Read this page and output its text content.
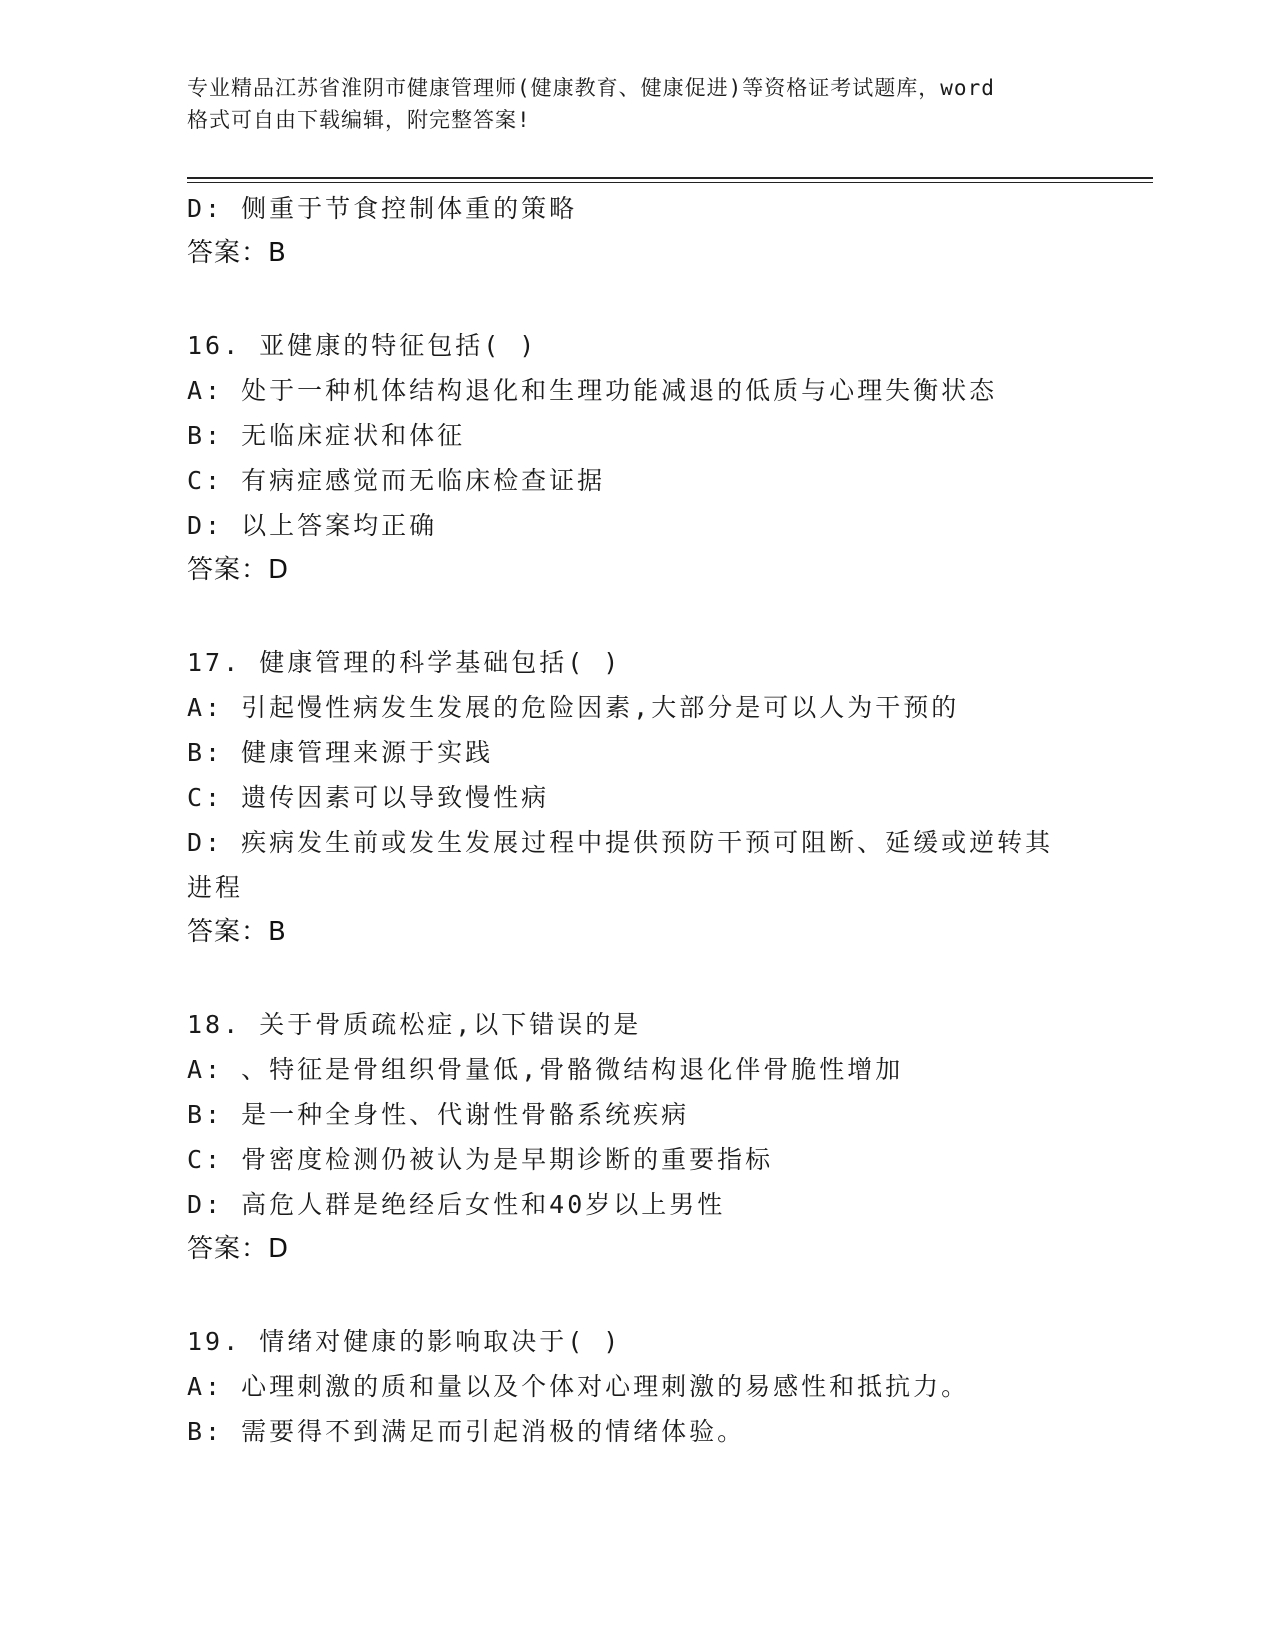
专业精品江苏省淮阴市健康管理师(健康教育、健康促进)等资格证考试题库，word
格式可自由下载编辑，附完整答案!
D: 侧重于节食控制体重的策略
答案：B
16. 亚健康的特征包括( )
A: 处于一种机体结构退化和生理功能减退的低质与心理失衡状态
B: 无临床症状和体征
C: 有病症感觉而无临床检查证据
D: 以上答案均正确
答案：D
17. 健康管理的科学基础包括( )
A: 引起慢性病发生发展的危险因素,大部分是可以人为干预的
B: 健康管理来源于实践
C: 遗传因素可以导致慢性病
D: 疾病发生前或发生发展过程中提供预防干预可阻断、延缓或逆转其
进程
答案：B
18. 关于骨质疏松症,以下错误的是
A: 、特征是骨组织骨量低,骨骼微结构退化伴骨脆性增加
B: 是一种全身性、代谢性骨骼系统疾病
C: 骨密度检测仍被认为是早期诊断的重要指标
D: 高危人群是绝经后女性和40岁以上男性
答案：D
19. 情绪对健康的影响取决于( )
A: 心理刺激的质和量以及个体对心理刺激的易感性和抵抗力。
B: 需要得不到满足而引起消极的情绪体验。
